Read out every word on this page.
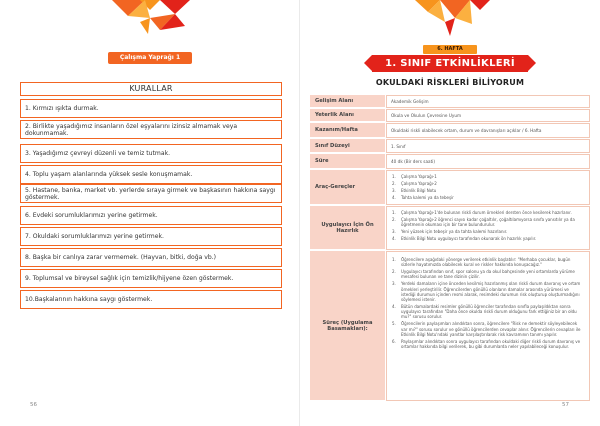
Çalışma Yaprağı 1
KURALLAR
1. Kırmızı ışıkta durmak.
2. Birlikte yaşadığımız insanların özel eşyalarını izinsiz almamak veya dokunmamak.
3. Yaşadığımız çevreyi düzenli ve temiz tutmak.
4. Toplu yaşam alanlarında yüksek sesle konuşmamak.
5. Hastane, banka, market vb. yerlerde sıraya girmek ve başkasının hakkına saygı göstermek.
6. Evdeki sorumluklarımızı yerine getirmek.
7. Okuldaki sorumluklarımızı yerine getirmek.
8. Başka bir canlıya zarar vermemek. (Hayvan, bitki, doğa vb.)
9. Toplumsal ve bireysel sağlık için temizlik/hijyene özen göstermek.
10.Başkalarının hakkına saygı göstermek.
56
6. HAFTA
1. SINIF ETKİNLİKLERİ
OKULDAKİ RİSKLERİ BİLİYORUM
Gelişim Alanı	Akademik Gelişim
Yeterlik Alanı	Okula ve Okulun Çevresine Uyum
Kazanım/Hafta	Okuldaki riskli olabilecek ortam, durum ve davranışları açıklar / 6. Hafta
Sınıf Düzeyi	1. Sınıf
Süre	40 dk (Bir ders saati)
Araç-Gereçler
1.	Çalışma Yaprağı-1
2.	Çalışma Yaprağı-2
3.	Etkinlik Bilgi Notu
4.	Tahta kalemi ya da tebeşir
Uygulayıcı İçin Ön Hazırlık
1.	Çalışma Yaprağı-1'de bulunan riskli durum örnekleri dersten önce kesilerek hazırlanır.
2.	Çalışma Yaprağı-2 öğrenci sayısı kadar çoğaltılır, çoğaltılamıyorsa sınıfa yansıtılır ya da öğretmenin okuması için bir tane bulundurulur.
3.	Yeni yüzsek için tebeşir ya da tahta kalemi hazırlanır.
4.	Etkinlik Bilgi Notu uygulayıcı tarafından okunarak ön hazırlık yapılır.
Süreç (Uygulama Basamakları):
1.	Öğrencilere aşağıdaki yönerge verilerek etkinlik başlatılır: "Merhaba çocuklar, bugün sizlerle hayatımızda olabilecek kural ve riskler hakkında konuşacağız."
2.	Uygulayıcı tarafından sınıf, spor salonu ya da okul bahçesinde yeni ortamlarda yürüme mesafesi bulunan ve tane dizinin çizilir.
3.	Yerdeki damaların içine önceden kesilmiş hazırlanmış olan riskli durum davranış ve ortam örnekleri yerleştirilir. Öğrencilerden gönüllü olanların damalar arasında yürümesi ve istediği durumun içinden resmi alarak, resimdeki durumun risk oluşturup oluşturmadığını söylemesi istenir.
4.	Bütün damalardaki resimler gönüllü öğrenciler tarafından sınıfla paylaşıldıktan sonra uygulayıcı tarafından "Daha önce okulda riskli durum olduğunu fark ettiğiniz bir an oldu mu?" sorusu sorulur.
5.	Öğrencilerin paylaşımları alındıktan sonra, öğrencilere "Risk ne demektir söyleyebilecek var mı?" sorusu sorulur ve gönüllü öğrencilerden cevaplar alınır. Öğrencilerin cevapları ile Etkinlik Bilgi Notu'ndaki yanıtlar karşılaştırılarak risk kavramının tanımı yapılır.
6.	Paylaşımlar alındıktan sonra uygulayıcı tarafından okuldaki diğer riskli durum davranış ve ortamlar hakkında bilgi verilerek, bu gibi durumlarda neler yapılabileceği konuşulur.
57
